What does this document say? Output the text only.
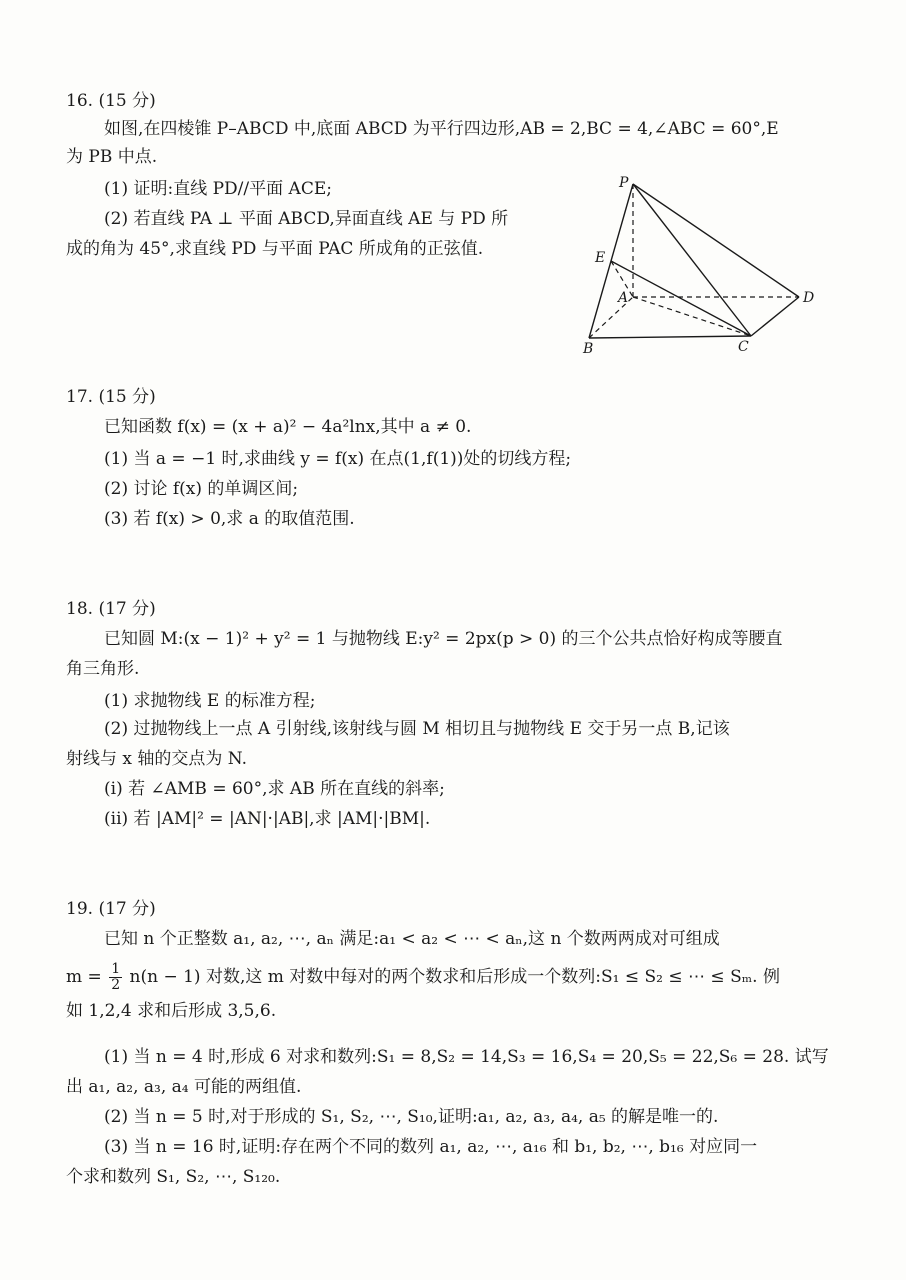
16. (15 分)
如图,在四棱锥 P–ABCD 中,底面 ABCD 为平行四边形,AB = 2,BC = 4,∠ABC = 60°,E
为 PB 中点.
(1) 证明:直线 PD//平面 ACE;
(2) 若直线 PA ⊥ 平面 ABCD,异面直线 AE 与 PD 所
成的角为 45°,求直线 PD 与平面 PAC 所成角的正弦值.
P
E
A	D
B	C
17. (15 分)
已知函数 f(x) = (x + a)² − 4a²lnx,其中 a ≠ 0.
(1) 当 a = −1 时,求曲线 y = f(x) 在点(1,f(1))处的切线方程;
(2) 讨论 f(x) 的单调区间;
(3) 若 f(x) > 0,求 a 的取值范围.
18. (17 分)
已知圆 M:(x − 1)² + y² = 1 与抛物线 E:y² = 2px(p > 0) 的三个公共点恰好构成等腰直
角三角形.
(1) 求抛物线 E 的标准方程;
(2) 过抛物线上一点 A 引射线,该射线与圆 M 相切且与抛物线 E 交于另一点 B,记该
射线与 x 轴的交点为 N.
(i) 若 ∠AMB = 60°,求 AB 所在直线的斜率;
(ii) 若 |AM|² = |AN|·|AB|,求 |AM|·|BM|.
19. (17 分)
已知 n 个正整数 a₁, a₂, ⋯, aₙ 满足:a₁ < a₂ < ⋯ < aₙ,这 n 个数两两成对可组成
$m = \frac{1}{2} n(n - 1)$ 对数,这 m 对数中每对的两个数求和后形成一个数列:S₁ ≤ S₂ ≤ ⋯ ≤ Sₘ. 例
如 1,2,4 求和后形成 3,5,6.
(1) 当 n = 4 时,形成 6 对求和数列:S₁ = 8,S₂ = 14,S₃ = 16,S₄ = 20,S₅ = 22,S₆ = 28. 试写
出 a₁, a₂, a₃, a₄ 可能的两组值.
(2) 当 n = 5 时,对于形成的 S₁, S₂, ⋯, S₁₀,证明:a₁, a₂, a₃, a₄, a₅ 的解是唯一的.
(3) 当 n = 16 时,证明:存在两个不同的数列 a₁, a₂, ⋯, a₁₆ 和 b₁, b₂, ⋯, b₁₆ 对应同一
个求和数列 S₁, S₂, ⋯, S₁₂₀.
